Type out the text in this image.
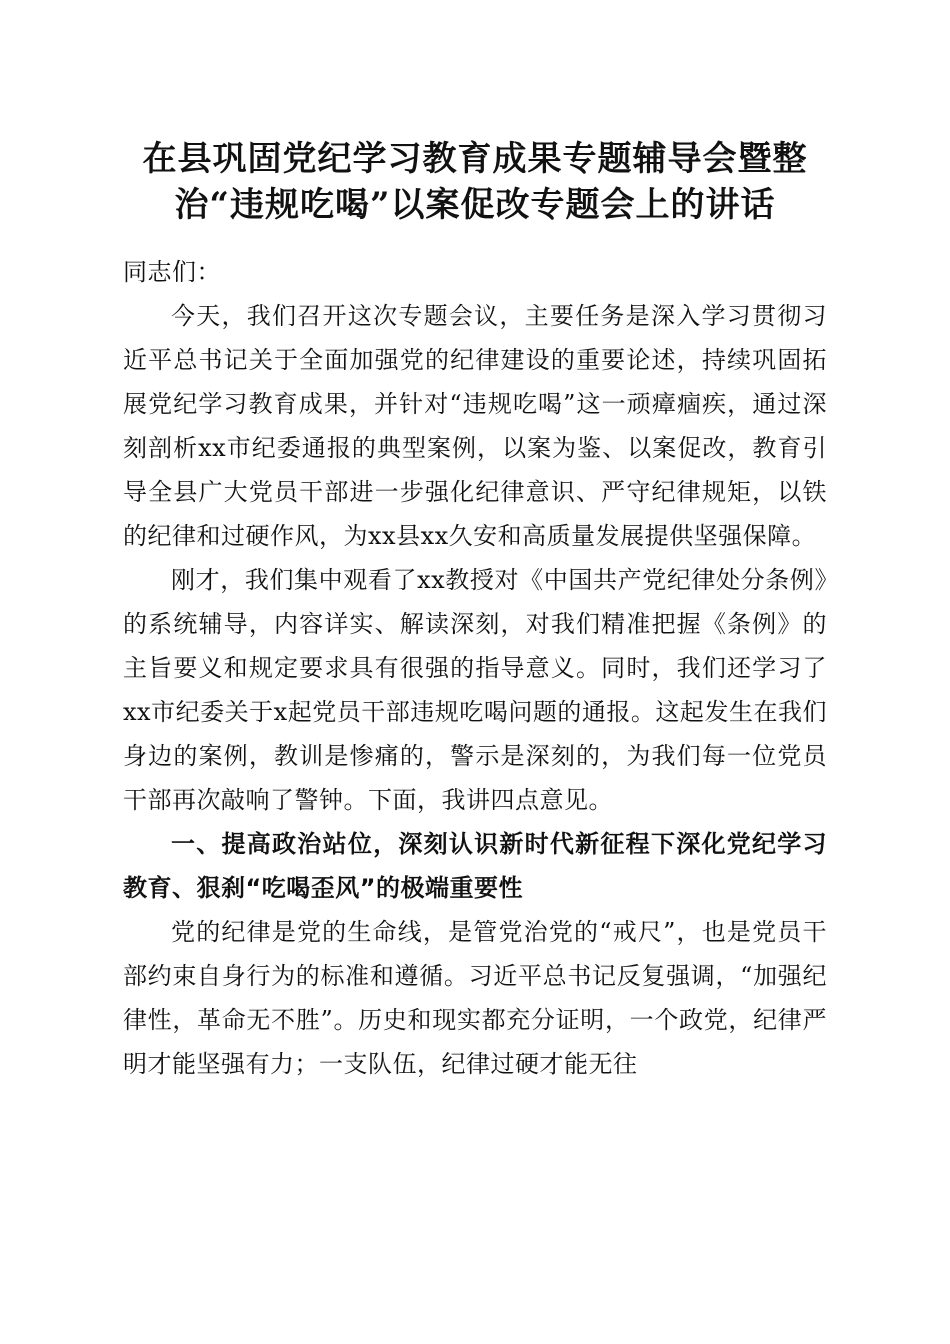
在县巩固党纪学习教育成果专题辅导会暨整
治“违规吃喝”以案促改专题会上的讲话

同志们：

今天，我们召开这次专题会议，主要任务是深入学习贯彻习近平总书记关于全面加强党的纪律建设的重要论述，持续巩固拓展党纪学习教育成果，并针对“违规吃喝”这一顽瘴痼疾，通过深刻剖析xx市纪委通报的典型案例，以案为鉴、以案促改，教育引导全县广大党员干部进一步强化纪律意识、严守纪律规矩，以铁的纪律和过硬作风，为xx县xx久安和高质量发展提供坚强保障。

刚才，我们集中观看了xx教授对《中国共产党纪律处分条例》的系统辅导，内容详实、解读深刻，对我们精准把握《条例》的主旨要义和规定要求具有很强的指导意义。同时，我们还学习了xx市纪委关于x起党员干部违规吃喝问题的通报。这起发生在我们身边的案例，教训是惨痛的，警示是深刻的，为我们每一位党员干部再次敲响了警钟。下面，我讲四点意见。

一、提高政治站位，深刻认识新时代新征程下深化党纪学习教育、狠刹“吃喝歪风”的极端重要性

党的纪律是党的生命线，是管党治党的“戒尺”，也是党员干部约束自身行为的标准和遵循。习近平总书记反复强调，“加强纪律性，革命无不胜”。历史和现实都充分证明，一个政党，纪律严明才能坚强有力；一支队伍，纪律过硬才能无往
